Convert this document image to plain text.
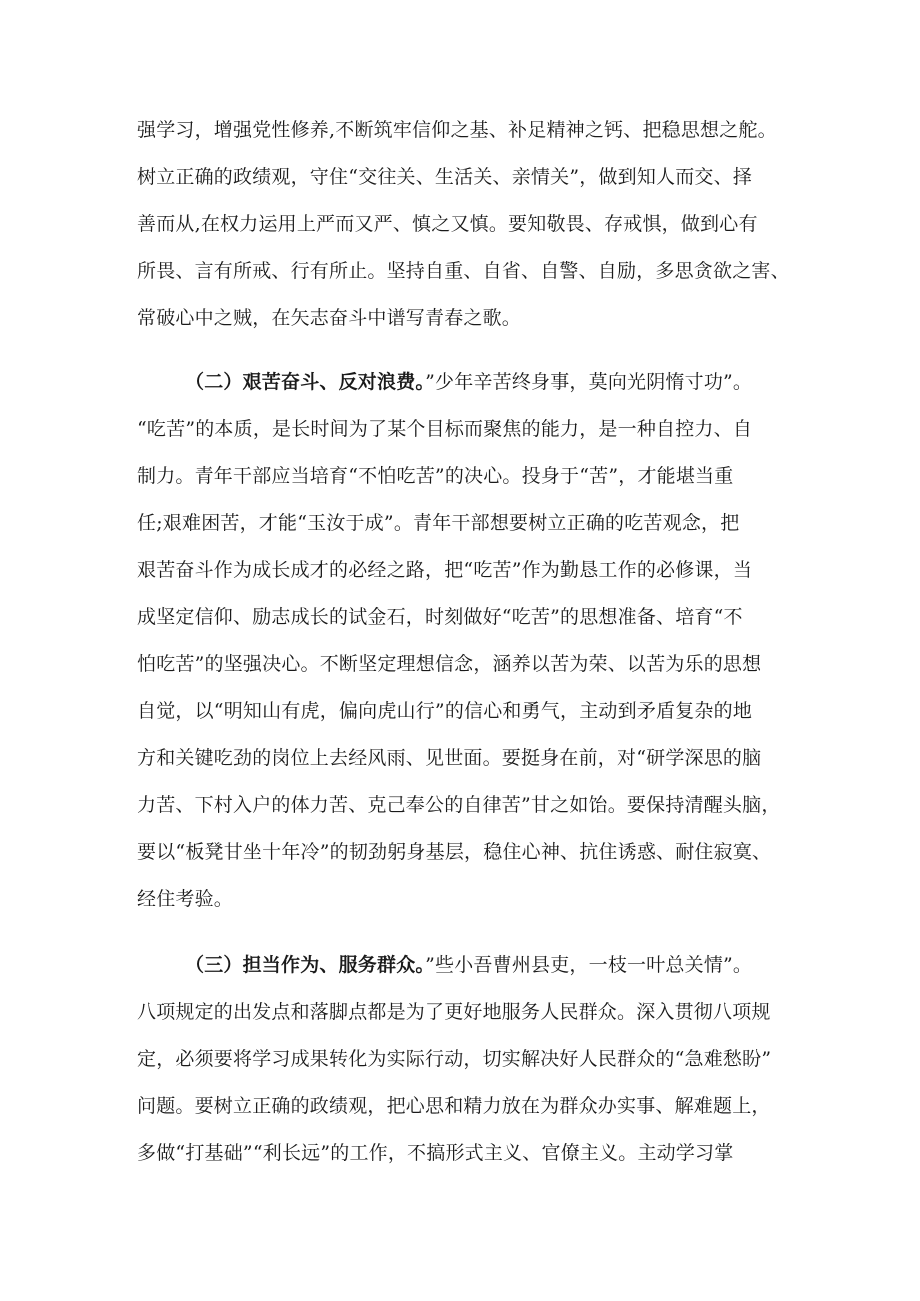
强学习，增强党性修养,不断筑牢信仰之基、补足精神之钙、把稳思想之舵。
树立正确的政绩观，守住“交往关、生活关、亲情关”，做到知人而交、择
善而从,在权力运用上严而又严、慎之又慎。要知敬畏、存戒惧，做到心有
所畏、言有所戒、行有所止。坚持自重、自省、自警、自励，多思贪欲之害、
常破心中之贼，在矢志奋斗中谱写青春之歌。
（二）艰苦奋斗、反对浪费。”少年辛苦终身事，莫向光阴惰寸功”。
“吃苦”的本质，是长时间为了某个目标而聚焦的能力，是一种自控力、自
制力。青年干部应当培育“不怕吃苦”的决心。投身于“苦”，才能堪当重
任;艰难困苦，才能“玉汝于成”。青年干部想要树立正确的吃苦观念，把
艰苦奋斗作为成长成才的必经之路，把“吃苦”作为勤恳工作的必修课，当
成坚定信仰、励志成长的试金石，时刻做好“吃苦”的思想准备、培育“不
怕吃苦”的坚强决心。不断坚定理想信念，涵养以苦为荣、以苦为乐的思想
自觉，以“明知山有虎，偏向虎山行”的信心和勇气，主动到矛盾复杂的地
方和关键吃劲的岗位上去经风雨、见世面。要挺身在前，对“研学深思的脑
力苦、下村入户的体力苦、克己奉公的自律苦”甘之如饴。要保持清醒头脑，
要以“板凳甘坐十年冷”的韧劲躬身基层，稳住心神、抗住诱惑、耐住寂寞、
经住考验。
（三）担当作为、服务群众。”些小吾曹州县吏，一枝一叶总关情”。
八项规定的出发点和落脚点都是为了更好地服务人民群众。深入贯彻八项规
定，必须要将学习成果转化为实际行动，切实解决好人民群众的“急难愁盼”
问题。要树立正确的政绩观，把心思和精力放在为群众办实事、解难题上，
多做“打基础”“利长远”的工作，不搞形式主义、官僚主义。主动学习掌
